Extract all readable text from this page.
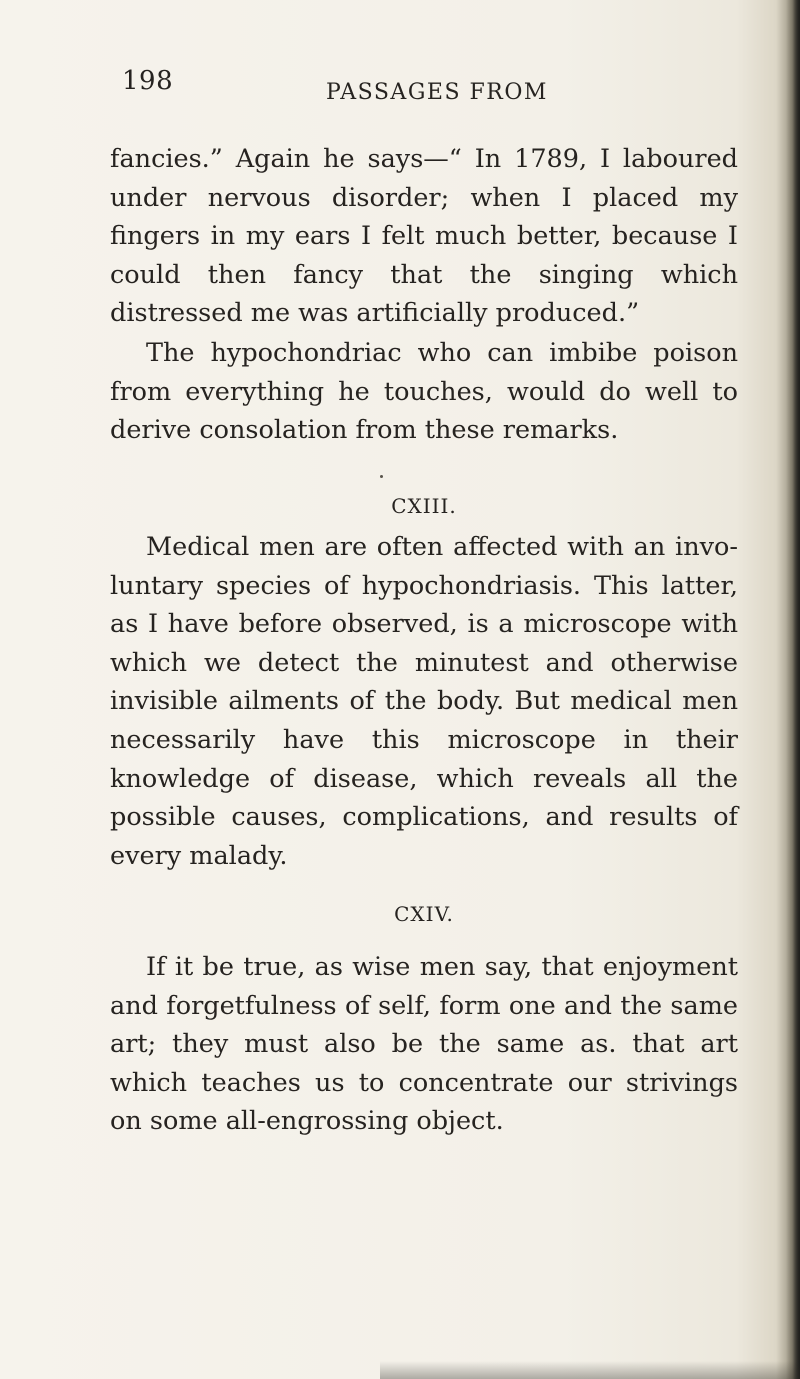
198	PASSAGES FROM

fancies.” Again he says—“ In 1789, I laboured under nervous disorder; when I placed my fingers in my ears I felt much better, because I could then fancy that the singing which distressed me was artificially produced.”

The hypochondriac who can imbibe poison from everything he touches, would do well to derive consolation from these remarks.

CXIII.

Medical men are often affected with an invo- luntary species of hypochondriasis. This latter, as I have before observed, is a microscope with which we detect the minutest and otherwise invisible ailments of the body. But medical men necessarily have this microscope in their knowledge of disease, which reveals all the possible causes, complications, and results of every malady.

CXIV.

If it be true, as wise men say, that enjoyment and forgetfulness of self, form one and the same art; they must also be the same as. that art which teaches us to concentrate our strivings on some all-engrossing object.
